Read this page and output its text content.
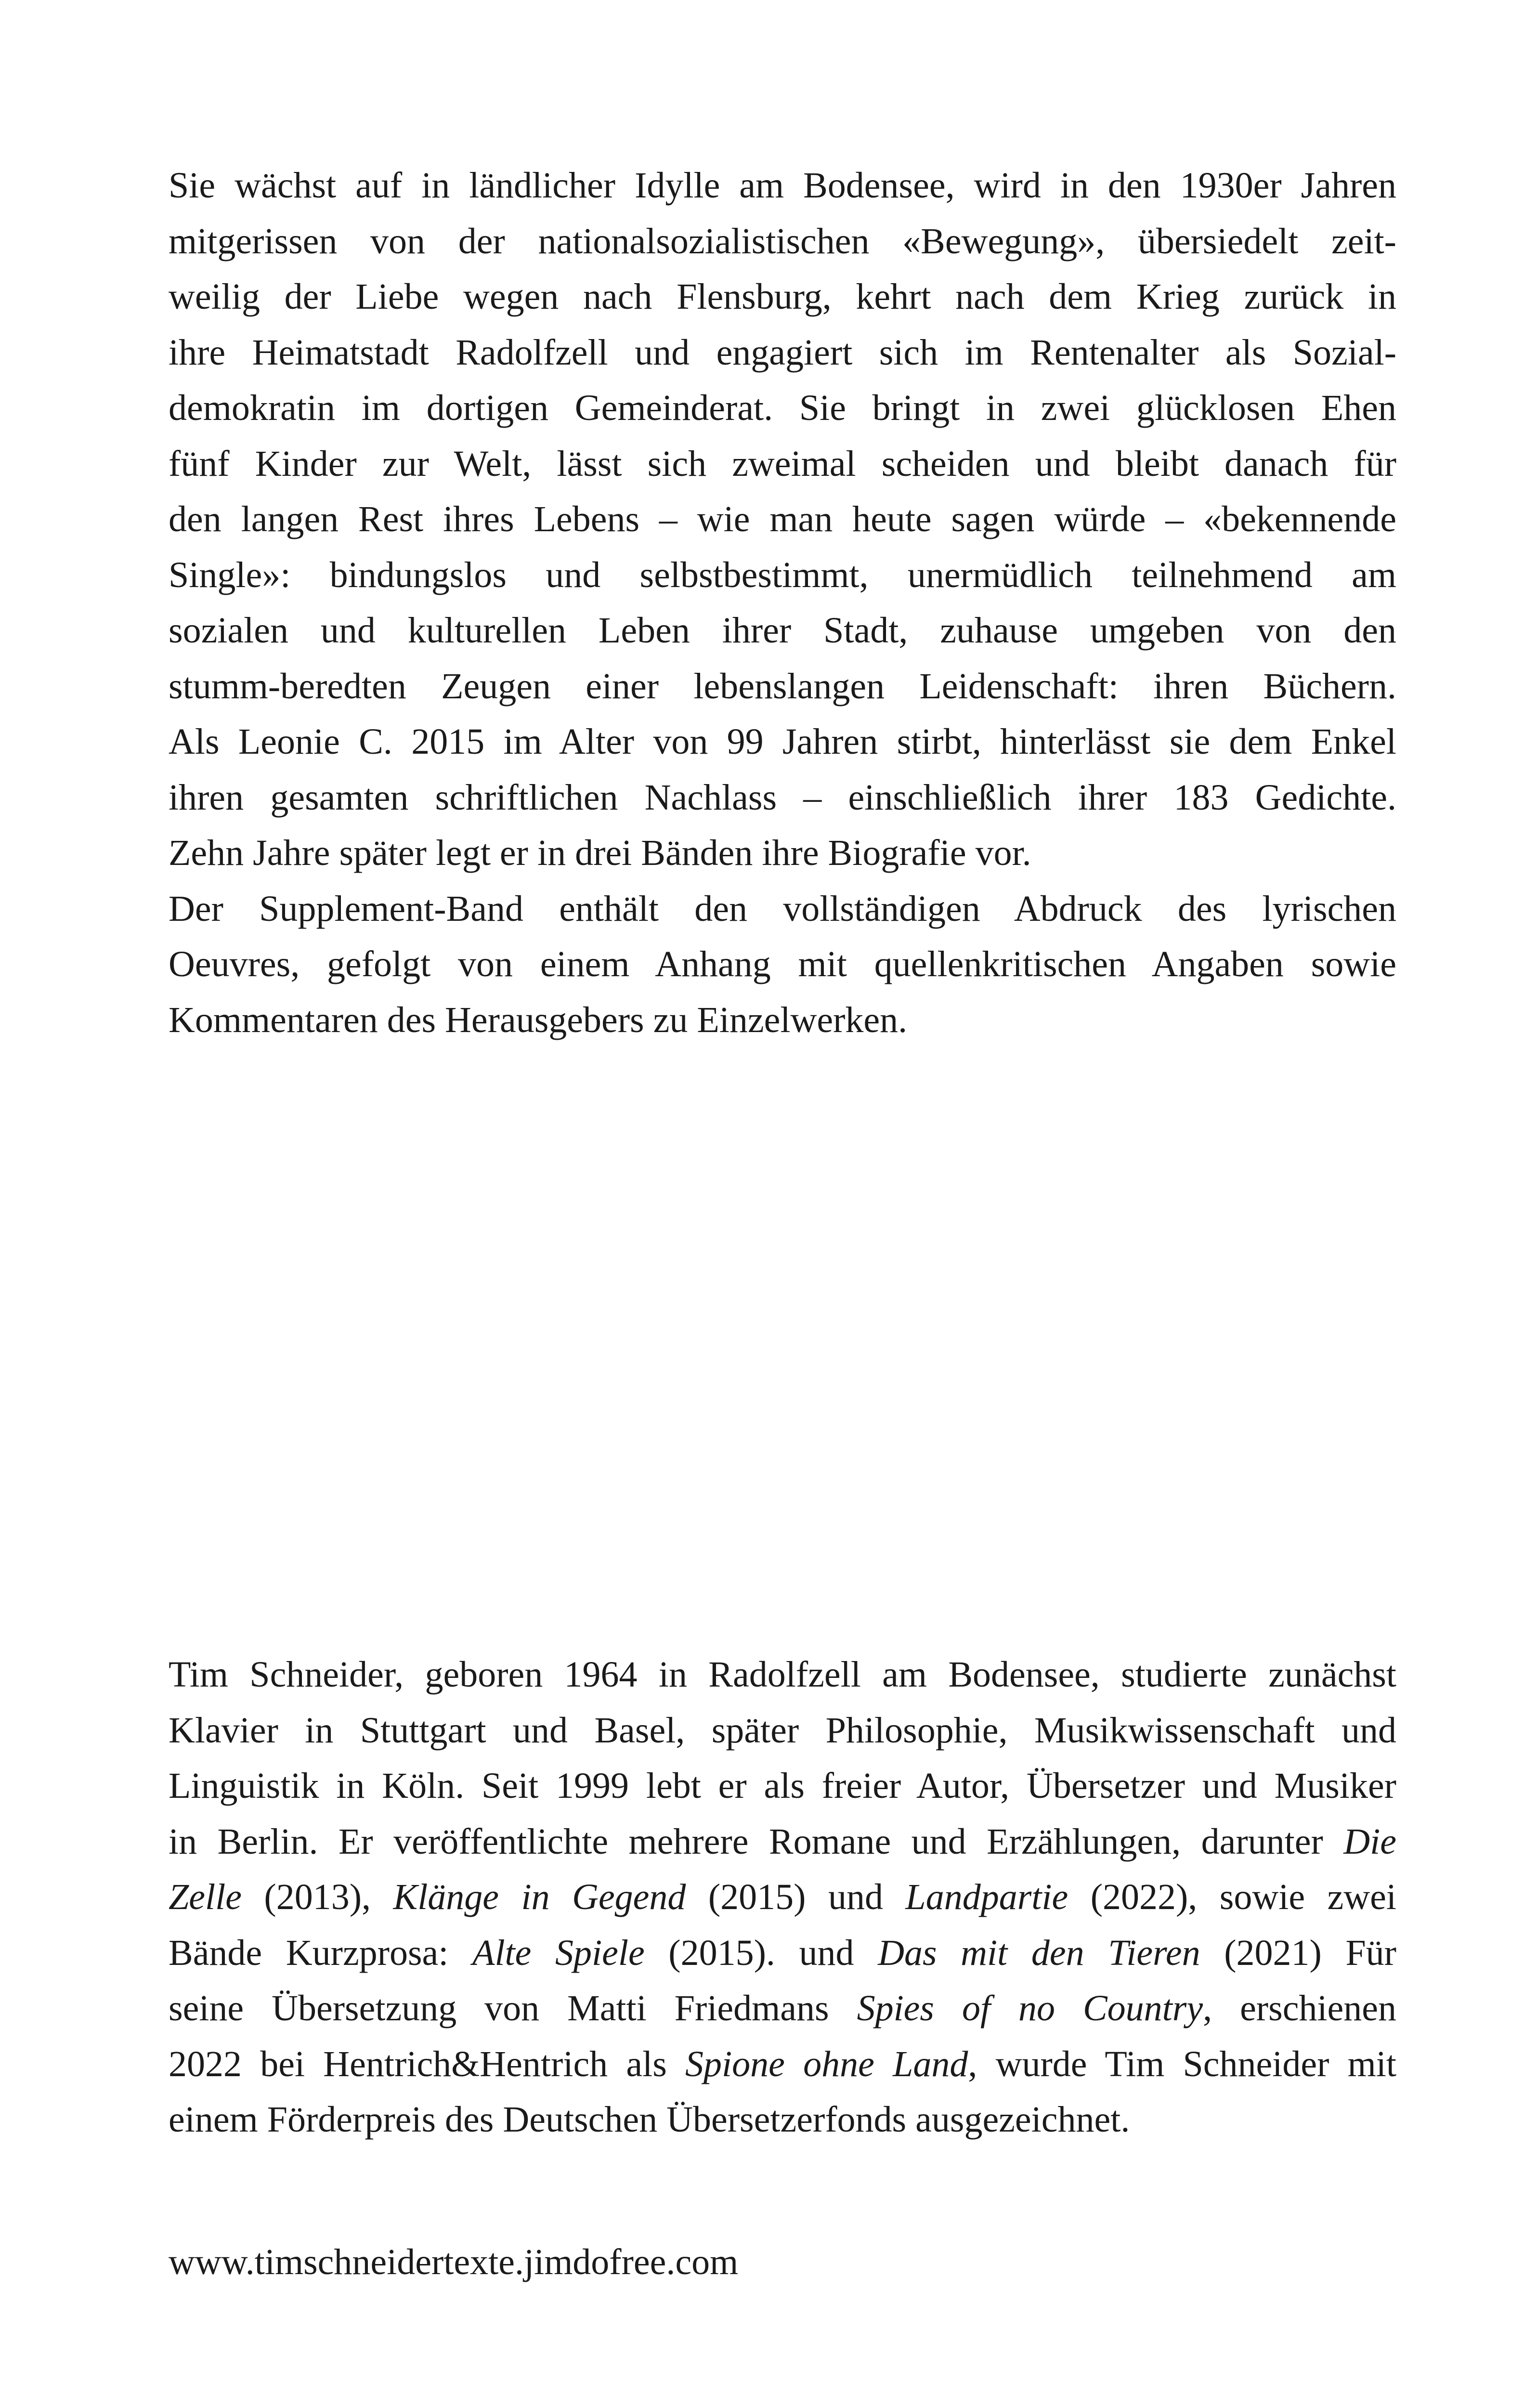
Sie wächst auf in ländlicher Idylle am Bodensee, wird in den 1930er Jahren
mitgerissen von der nationalsozialistischen «Bewegung», übersiedelt zeit-
weilig der Liebe wegen nach Flensburg, kehrt nach dem Krieg zurück in
ihre Heimatstadt Radolfzell und engagiert sich im Rentenalter als Sozial-
demokratin im dortigen Gemeinderat. Sie bringt in zwei glücklosen Ehen
fünf Kinder zur Welt, lässt sich zweimal scheiden und bleibt danach für
den langen Rest ihres Lebens – wie man heute sagen würde – «bekennende
Single»: bindungslos und selbstbestimmt, unermüdlich teilnehmend am
sozialen und kulturellen Leben ihrer Stadt, zuhause umgeben von den
stumm-beredten Zeugen einer lebenslangen Leidenschaft: ihren Büchern.
Als Leonie C. 2015 im Alter von 99 Jahren stirbt, hinterlässt sie dem Enkel
ihren gesamten schriftlichen Nachlass – einschließlich ihrer 183 Gedichte.
Zehn Jahre später legt er in drei Bänden ihre Biografie vor.
Der Supplement-Band enthält den vollständigen Abdruck des lyrischen
Oeuvres, gefolgt von einem Anhang mit quellenkritischen Angaben sowie
Kommentaren des Herausgebers zu Einzelwerken.
Tim Schneider, geboren 1964 in Radolfzell am Bodensee, studierte zunächst
Klavier in Stuttgart und Basel, später Philosophie, Musikwissenschaft und
Linguistik in Köln. Seit 1999 lebt er als freier Autor, Übersetzer und Musiker
in Berlin. Er veröffentlichte mehrere Romane und Erzählungen, darunter Die
Zelle (2013), Klänge in Gegend (2015) und Landpartie (2022), sowie zwei
Bände Kurzprosa: Alte Spiele (2015). und Das mit den Tieren (2021) Für
seine Übersetzung von Matti Friedmans Spies of no Country, erschienen
2022 bei Hentrich&Hentrich als Spione ohne Land, wurde Tim Schneider mit
einem Förderpreis des Deutschen Übersetzerfonds ausgezeichnet.
www.timschneidertexte.jimdofree.com
